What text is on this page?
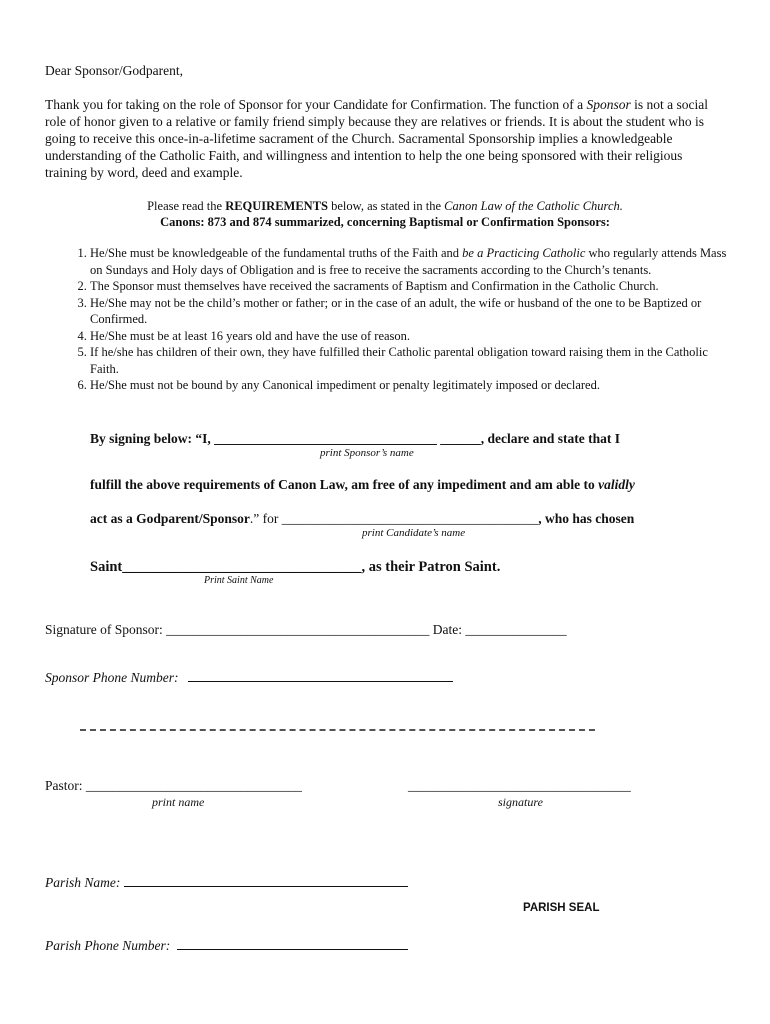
Dear Sponsor/Godparent,
Thank you for taking on the role of Sponsor for your Candidate for Confirmation. The function of a Sponsor is not a social role of honor given to a relative or family friend simply because they are relatives or friends. It is about the student who is going to receive this once-in-a-lifetime sacrament of the Church. Sacramental Sponsorship implies a knowledgeable understanding of the Catholic Faith, and willingness and intention to help the one being sponsored with their religious training by word, deed and example.
Please read the REQUIREMENTS below, as stated in the Canon Law of the Catholic Church.
Canons: 873 and 874 summarized, concerning Baptismal or Confirmation Sponsors:
1. He/She must be knowledgeable of the fundamental truths of the Faith and be a Practicing Catholic who regularly attends Mass on Sundays and Holy days of Obligation and is free to receive the sacraments according to the Church’s tenants.
2. The Sponsor must themselves have received the sacraments of Baptism and Confirmation in the Catholic Church.
3. He/She may not be the child’s mother or father; or in the case of an adult, the wife or husband of the one to be Baptized or Confirmed.
4. He/She must be at least 16 years old and have the use of reason.
5. If he/she has children of their own, they have fulfilled their Catholic parental obligation toward raising them in the Catholic Faith.
6. He/She must not be bound by any Canonical impediment or penalty legitimately imposed or declared.
By signing below: “I, _________________________________ ______, declare and state that I
print Sponsor’s name
fulfill the above requirements of Canon Law, am free of any impediment and am able to validly
act as a Godparent/Sponsor.” for ______________________________________, who has chosen
print Candidate’s name
Saint_________________________________, as their Patron Saint.
Print Saint Name
Signature of Sponsor: _______________________________________ Date: _______________
Sponsor Phone Number:
Pastor: ________________________________
print name
_________________________________
signature
Parish Name:
PARISH SEAL
Parish Phone Number:
